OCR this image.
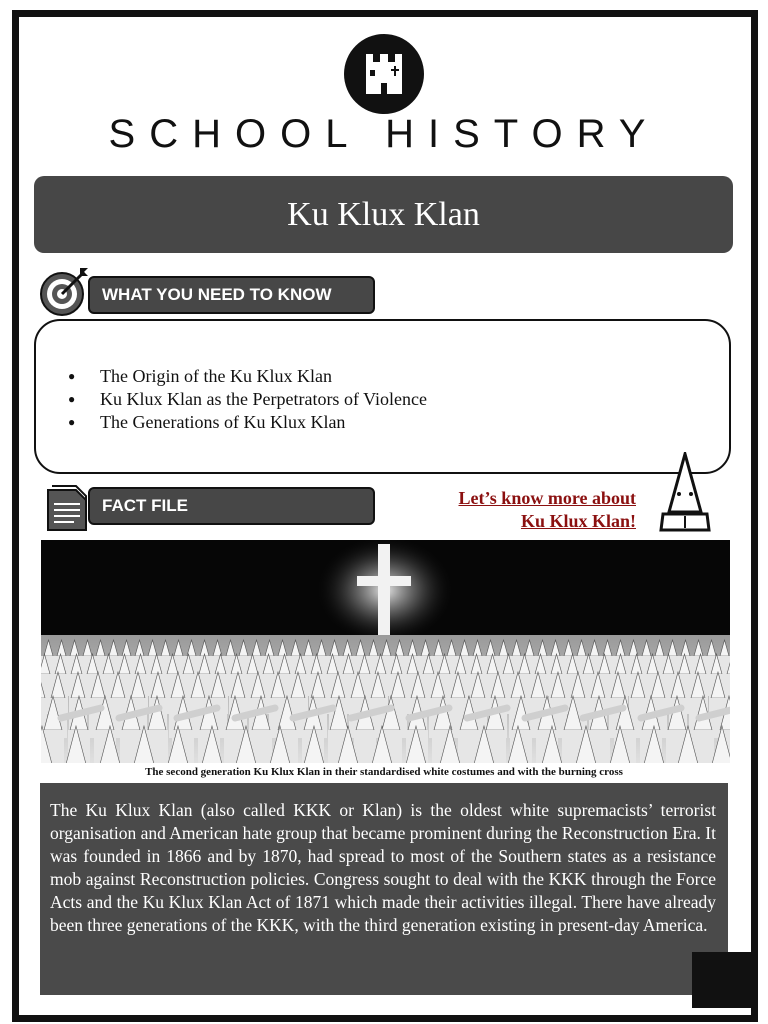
SCHOOL HISTORY
Ku Klux Klan
WHAT YOU NEED TO KNOW
● The Origin of the Ku Klux Klan
● Ku Klux Klan as the Perpetrators of Violence
● The Generations of Ku Klux Klan
FACT FILE	Let’s know more about
Ku Klux Klan!
The second generation Ku Klux Klan in their standardised white costumes and with the burning cross
The Ku Klux Klan (also called KKK or Klan) is the oldest white supremacists’ terrorist organisation and American hate group that became prominent during the Reconstruction Era. It was founded in 1866 and by 1870, had spread to most of the Southern states as a resistance mob against Reconstruction policies. Congress sought to deal with the KKK through the Force Acts and the Ku Klux Klan Act of 1871 which made their activities illegal. There have already been three generations of the KKK, with the third generation existing in present-day America.
